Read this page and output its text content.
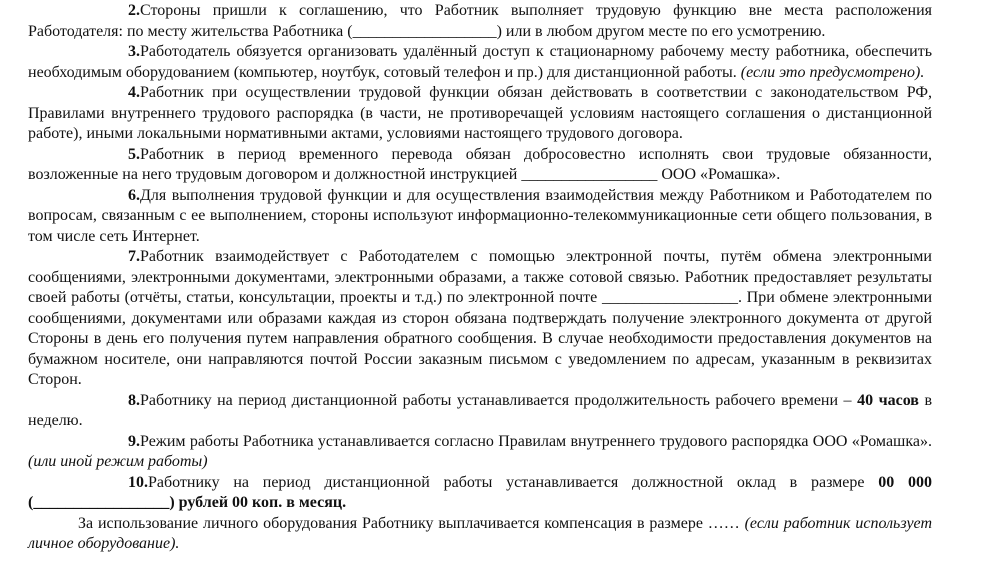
2.Стороны пришли к соглашению, что Работник выполняет трудовую функцию вне места расположения Работодателя: по месту жительства Работника (__________________) или в любом другом месте по его усмотрению.

3.Работодатель обязуется организовать удалённый доступ к стационарному рабочему месту работника, обеспечить необходимым оборудованием (компьютер, ноутбук, сотовый телефон и пр.) для дистанционной работы. (если это предусмотрено).

4.Работник при осуществлении трудовой функции обязан действовать в соответствии с законодательством РФ, Правилами внутреннего трудового распорядка (в части, не противоречащей условиям настоящего соглашения о дистанционной работе), иными локальными нормативными актами, условиями настоящего трудового договора.

5.Работник в период временного перевода обязан добросовестно исполнять свои трудовые обязанности, возложенные на него трудовым договором и должностной инструкцией _________________ ООО «Ромашка».

6.Для выполнения трудовой функции и для осуществления взаимодействия между Работником и Работодателем по вопросам, связанным с ее выполнением, стороны используют информационно-телекоммуникационные сети общего пользования, в том числе сеть Интернет.

7.Работник взаимодействует с Работодателем с помощью электронной почты, путём обмена электронными сообщениями, электронными документами, электронными образами, а также сотовой связью. Работник предоставляет результаты своей работы (отчёты, статьи, консультации, проекты и т.д.) по электронной почте _________________. При обмене электронными сообщениями, документами или образами каждая из сторон обязана подтверждать получение электронного документа от другой Стороны в день его получения путем направления обратного сообщения. В случае необходимости предоставления документов на бумажном носителе, они направляются почтой России заказным письмом с уведомлением по адресам, указанным в реквизитах Сторон.

8.Работнику на период дистанционной работы устанавливается продолжительность рабочего времени – 40 часов в неделю.

9.Режим работы Работника устанавливается согласно Правилам внутреннего трудового распорядка ООО «Ромашка». (или иной режим работы)

10.Работнику на период дистанционной работы устанавливается должностной оклад в размере 00 000 (_________________) рублей 00 коп. в месяц.

За использование личного оборудования Работнику выплачивается компенсация в размере …… (если работник использует личное оборудование).
